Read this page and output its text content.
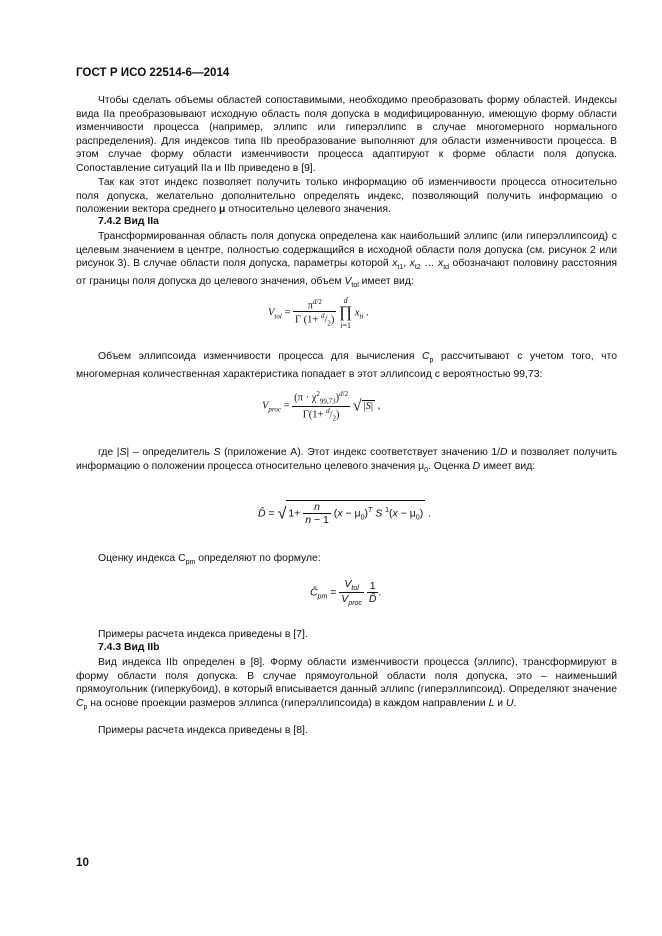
ГОСТ Р ИСО 22514-6—2014

Чтобы сделать объемы областей сопоставимыми, необходимо преобразовать форму областей. Индексы вида IIa преобразовывают исходную область поля допуска в модифицированную, имеющую форму области изменчивости процесса (например, эллипс или гиперэллипс в случае многомерного нормального распределения). Для индексов типа IIb преобразование выполняют для области изменчивости процесса. В этом случае форму области изменчивости процесса адаптируют к форме области поля допуска. Сопоставление ситуаций IIa и IIb приведено в [9].

Так как этот индекс позволяет получить только информацию об изменчивости процесса относительно поля допуска, желательно дополнительно определять индекс, позволяющий получить информацию о положении вектора среднего μ относительно целевого значения.

7.4.2 Вид IIa

Трансформированная область поля допуска определена как наибольший эллипс (или гиперэллипсоид) с целевым значением в центре, полностью содержащийся в исходной области поля допуска (см. рисунок 2 или рисунок 3). В случае области поля допуска, параметры которой $x_{t1}$, $x_{t2}$ … $x_{td}$ обозначают половину расстояния от границы поля допуска до целевого значения, объем $V_{tol}$ имеет вид:

$V_{tol} = \frac{\pi^{d/2}}{\Gamma (1+ ^d/_2)}$
d
∏
i=1
$x_{ti}$ .

Объем эллипсоида изменчивости процесса для вычисления $C_p$ рассчитывают с учетом того, что многомерная количественная характеристика попадает в этот эллипсоид с вероятностью 99,73:

$V_{proc} = \frac{(\pi \cdot \chi^2_{99,73})^{d/2}}{\Gamma(1+ ^d/_2)}$ √ |S| ,

где |S| – определитель S (приложение А). Этот индекс соответствует значению 1/D и позволяет получить информацию о положении процесса относительно целевого значения $\mu_0$. Оценка D имеет вид:

D̂ = √ $1+ \frac{n}{n - 1} (x - \mu_0)^T$ S $^1(x - \mu_0)$ .

Оценку индекса $C_{pm}$ определяют по формуле:

$Ĉ_{pm} = \frac{V_{tol}}{V_{proc}}$
$\frac{1}{D̂}$ .

Примеры расчета индекса приведены в [7].

7.4.3 Вид IIb

Вид индекса IIb определен в [8]. Форму области изменчивости процесса (эллипс), трансформируют в форму области поля допуска. В случае прямоугольной области поля допуска, это – наименьший прямоугольник (гиперкубоид), в который вписывается данный эллипс (гиперэллипсоид). Определяют значение $C_p$ на основе проекции размеров эллипса (гиперэллипсоида) в каждом направлении L и U.

Примеры расчета индекса приведены в [8].

10
